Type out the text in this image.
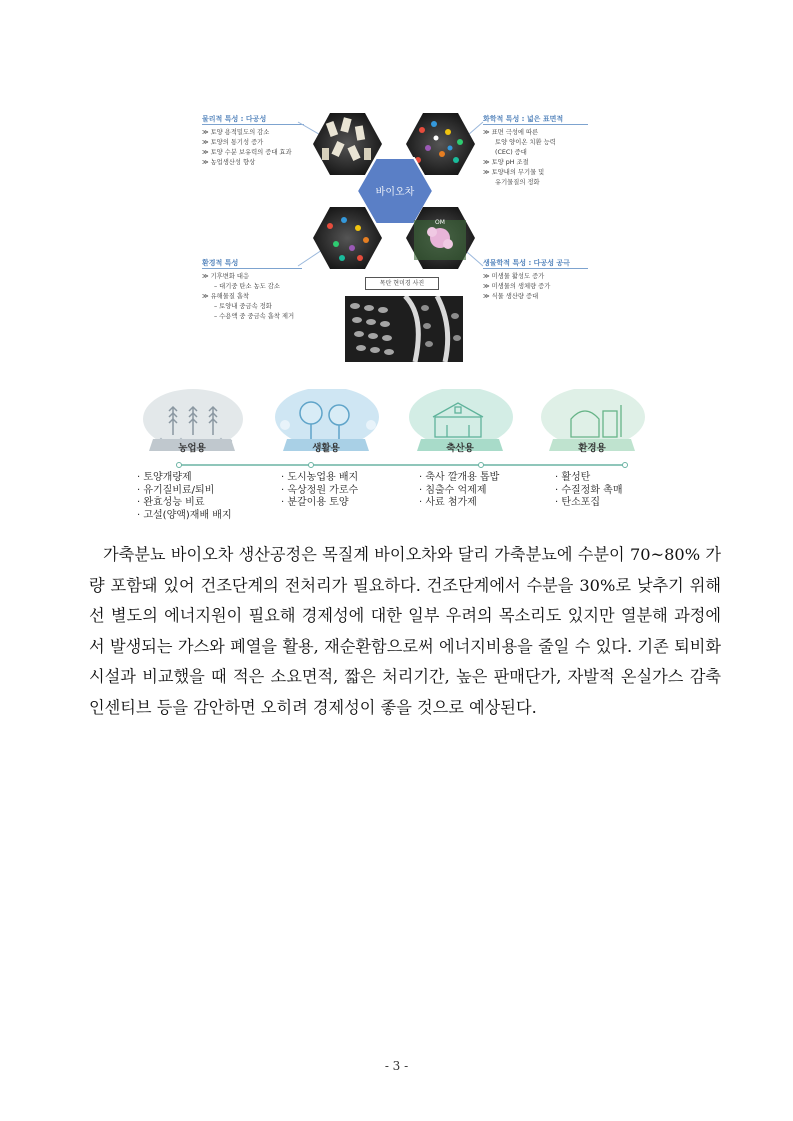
물리적 특성 : 다공성
≫ 토양 용적밀도의 감소
≫ 토양의 통기성 증가
≫ 토양 수분 보유력의 증대 효과
≫ 농업생산성 향상
화학적 특성 : 넓은 표면적
≫ 표면 극성에 따른
토양 양이온 치환 능력
(CEC) 증대
≫ 토양 pH 조절
≫ 토양내의 무기물 및
유기물질의 정화
환경적 특성
≫ 기후변화 대응
– 대기중 탄소 농도 감소
≫ 유해물질 흡착
– 토양내 중금속 정화
– 수용액 중 중금속 흡착 제거
생물학적 특성 : 다공성 공극
≫ 미생물 활성도 증가
≫ 미생물의 생체량 증가
≫ 식물 생산량 증대
바이오차
OM
목탄 현미경 사진
농업용	생활용	축산용	환경용
· 토양개량제
· 유기질비료/퇴비
· 완효성능 비료
· 고설(양액)재배 배지
· 도시농업용 배지
· 옥상정원 가로수
· 분갈이용 토양
· 축사 깔개용 톱밥
· 침출수 억제제
· 사료 첨가제
· 활성탄
· 수질정화 촉매
· 탄소포집

가축분뇨 바이오차 생산공정은 목질계 바이오차와 달리 가축분뇨에 수분이 70~80% 가량 포함돼 있어 건조단계의 전처리가 필요하다. 건조단계에서 수분을 30%로 낮추기 위해선 별도의 에너지원이 필요해 경제성에 대한 일부 우려의 목소리도 있지만 열분해 과정에서 발생되는 가스와 폐열을 활용, 재순환함으로써 에너지비용을 줄일 수 있다. 기존 퇴비화시설과 비교했을 때 적은 소요면적, 짧은 처리기간, 높은 판매단가, 자발적 온실가스 감축 인센티브 등을 감안하면 오히려 경제성이 좋을 것으로 예상된다.

- 3 -
